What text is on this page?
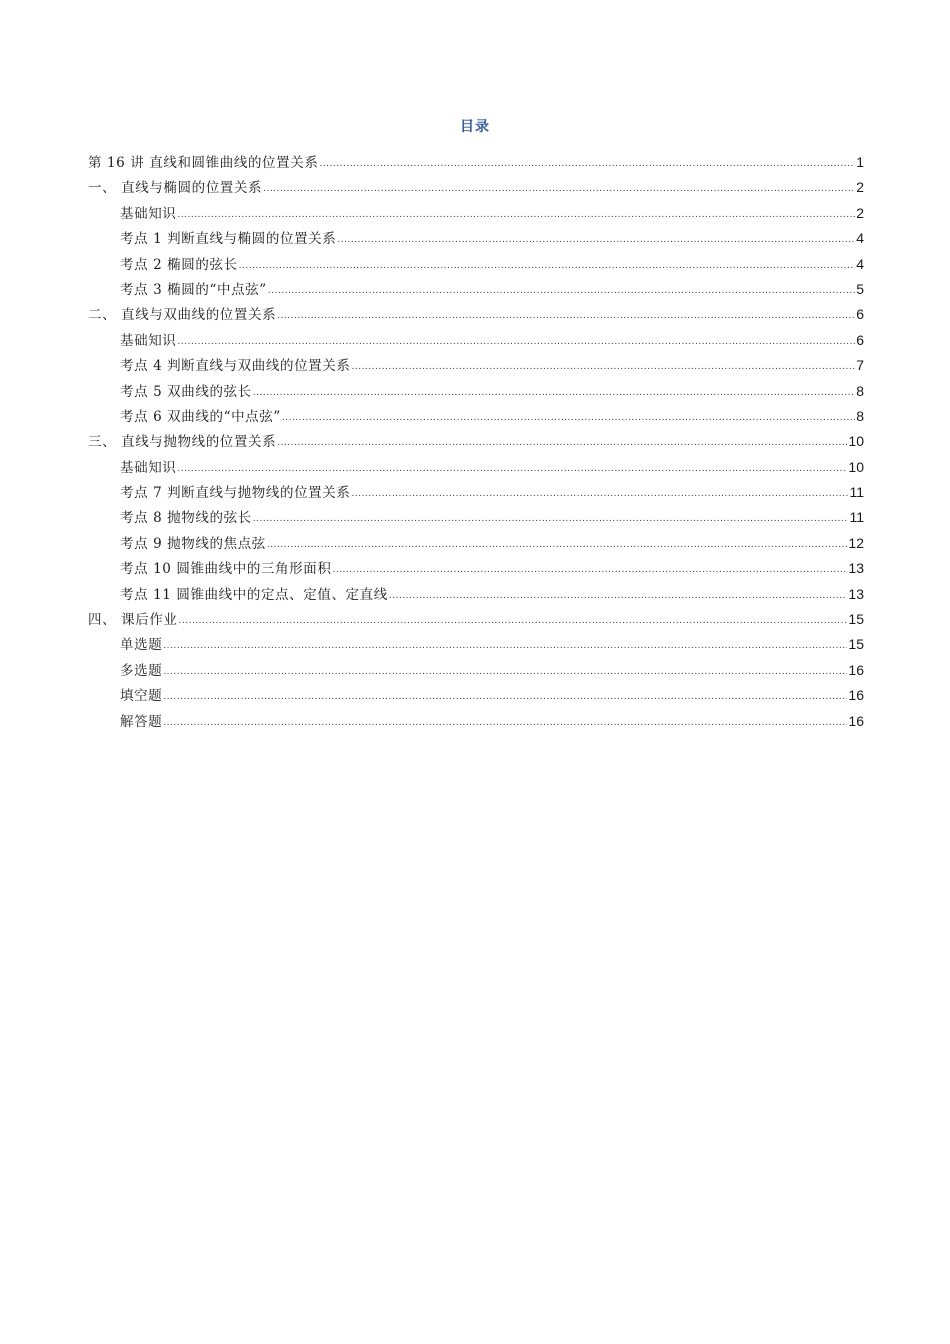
目录
第 16 讲 直线和圆锥曲线的位置关系 .....	1
一、 直线与椭圆的位置关系 .....	2
基础知识 .....	2
考点 1 判断直线与椭圆的位置关系 .....	4
考点 2 椭圆的弦长 .....	4
考点 3 椭圆的“中点弦” .....	5
二、 直线与双曲线的位置关系 .....	6
基础知识 .....	6
考点 4 判断直线与双曲线的位置关系 .....	7
考点 5 双曲线的弦长 .....	8
考点 6 双曲线的“中点弦” .....	8
三、 直线与抛物线的位置关系 .....	10
基础知识 .....	10
考点 7 判断直线与抛物线的位置关系 .....	11
考点 8 抛物线的弦长 .....	11
考点 9 抛物线的焦点弦 .....	12
考点 10 圆锥曲线中的三角形面积 .....	13
考点 11 圆锥曲线中的定点、定值、定直线 .....	13
四、 课后作业 .....	15
单选题 .....	15
多选题 .....	16
填空题 .....	16
解答题 .....	16
